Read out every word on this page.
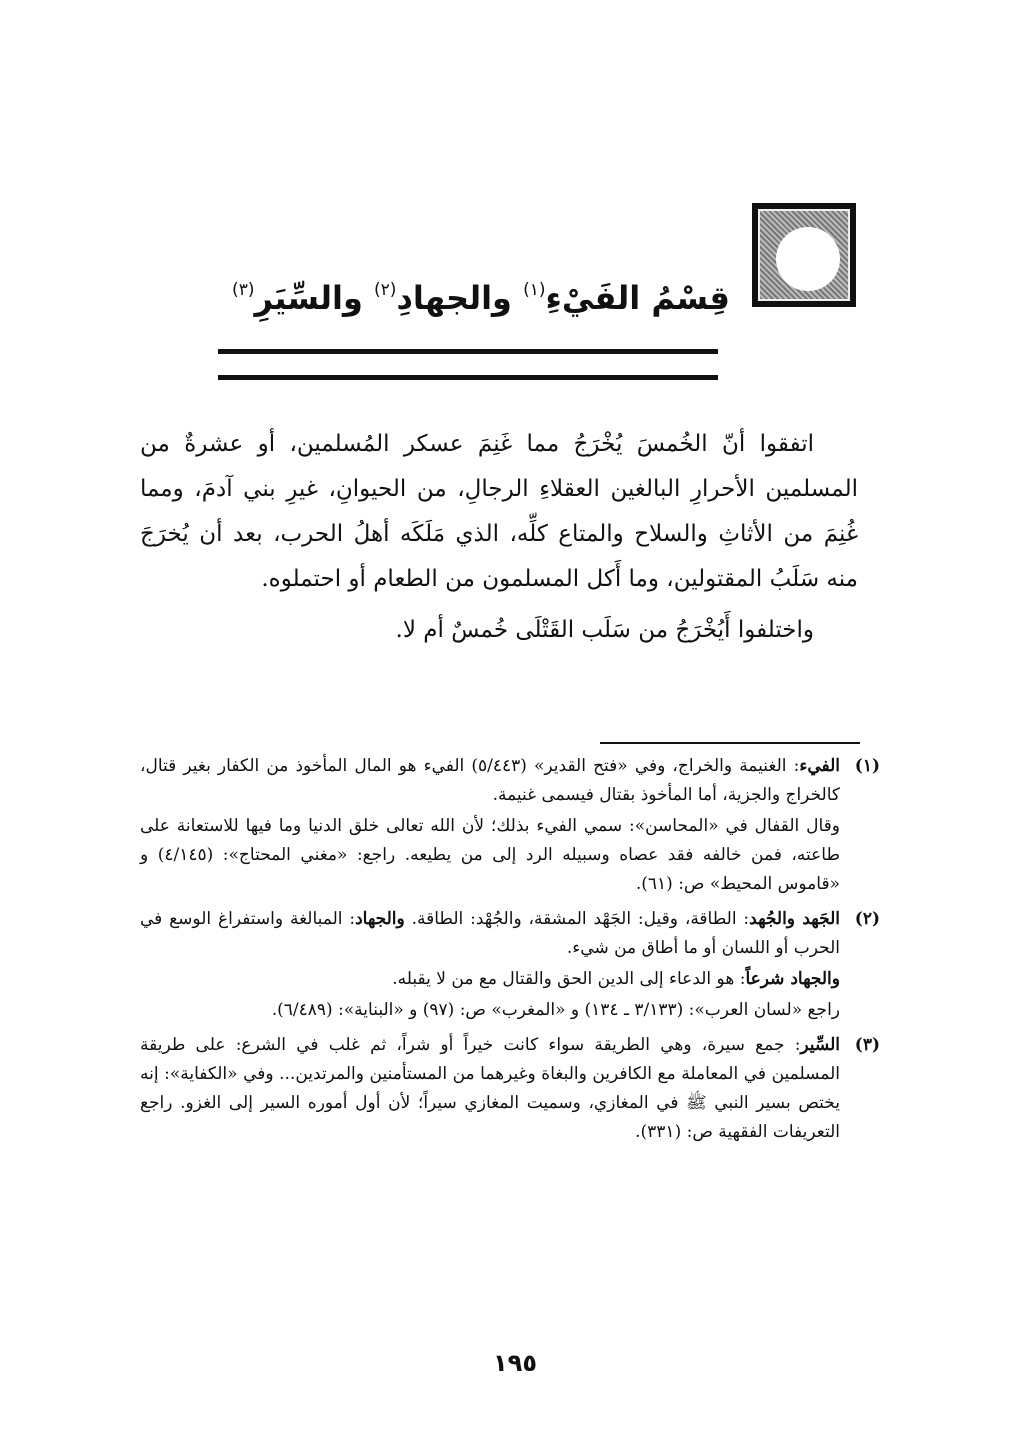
قِسْمُ الفَيْءِ$^{(١)}$ والجهادِ$^{(٢)}$ والسِّيَرِ$^{(٣)}$

اتفقوا أنّ الخُمسَ يُخْرَجُ مما غَنِمَ عسكر المُسلمين، أو عشرةٌ من المسلمين الأحرارِ البالغين العقلاءِ الرجالِ، من الحيوانِ، غيرِ بني آدمَ، ومما غُنِمَ من الأثاثِ والسلاح والمتاع كلِّه، الذي مَلَكَه أهلُ الحرب، بعد أن يُخرَجَ منه سَلَبُ المقتولين، وما أَكل المسلمون من الطعام أو احتملوه.

واختلفوا أَيُخْرَجُ من سَلَب القَتْلَى خُمسٌ أم لا.

(١)

الفيء: الغنيمة والخراج، وفي «فتح القدير» (٥/٤٤٣) الفيء هو المال المأخوذ من الكفار بغير قتال، كالخراج والجزية، أما المأخوذ بقتال فيسمى غنيمة.

وقال القفال في «المحاسن»: سمي الفيء بذلك؛ لأن الله تعالى خلق الدنيا وما فيها للاستعانة على طاعته، فمن خالفه فقد عصاه وسبيله الرد إلى من يطيعه. راجع: «مغني المحتاج»: (٤/١٤٥) و «قاموس المحيط» ص: (٦١).

(٢)

الجَهد والجُهد: الطاقة، وقيل: الجَهْد المشقة، والجُهْد: الطاقة. والجهاد: المبالغة واستفراغ الوسع في الحرب أو اللسان أو ما أطاق من شيء.

والجهاد شرعاً: هو الدعاء إلى الدين الحق والقتال مع من لا يقبله.

راجع «لسان العرب»: (٣/١٣٣ ـ ١٣٤) و «المغرب» ص: (٩٧) و «البناية»: (٦/٤٨٩).

(٣)

السِّير: جمع سيرة، وهي الطريقة سواء كانت خيراً أو شراً، ثم غلب في الشرع: على طريقة المسلمين في المعاملة مع الكافرين والبغاة وغيرهما من المستأمنين والمرتدين... وفي «الكفاية»: إنه يختص بسير النبي ﷺ في المغازي، وسميت المغازي سيراً؛ لأن أول أموره السير إلى الغزو. راجع التعريفات الفقهية ص: (٣٣١).

١٩٥
